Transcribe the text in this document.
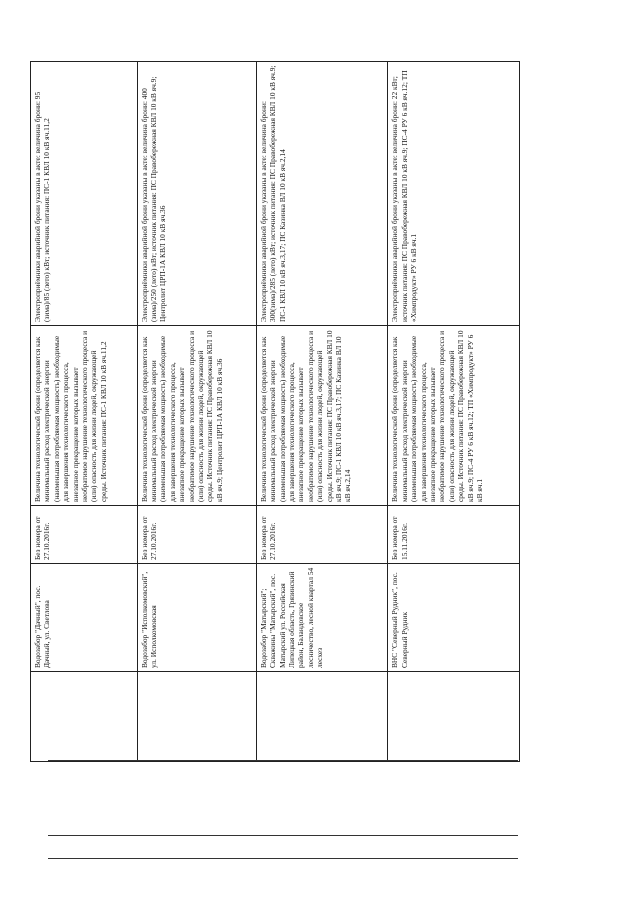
	Водозабор "Дачный", пос. Дачный, ул. Светлова	Без номера от 27.10.2016г.	Величина технологической брони (определяется как минимальный расход электрической энергии (наименьшая потребляемая мощность) необходимые для завершения технологического процесса, внезапное прекращение которых вызывает необратимое нарушение технологического процесса и (или) опасность для жизни людей, окружающей среды. Источник питания: ПС-1 КВЛ 10 кВ яч.11,2	Электроприёмники аварийной брони указаны в акте: величина брони: 95 (зима)/85 (лето) кВт; источник питания: ПС-1 КВЛ 10 кВ яч.11,2
	Водозабор "Исполкомовский", ул. Исполкомовская	Без номера от 27.10.2016г.	Величина технологической брони (определяется как минимальный расход электрической энергии (наименьшая потребляемая мощность) необходимые для завершения технологического процесса, внезапное прекращение которых вызывает необратимое нарушение технологического процесса и (или) опасность для жизни людей, окружающей среды. Источник питания: ПС Правобережная КВЛ 10 кВ яч.9; Центролит ЦРП-1А КВЛ 10 кВ яч.36	Электроприёмники аварийной брони указаны в акте: величина брони: 400 (зима)/250 (лето) кВт; источник питания: ПС Правобережная КВЛ 10 кВ яч.9; Центролит ЦРП-1А КВЛ 10 кВ яч.36
	Водозабор "Матырский"; Скважины "Матырский", пос. Матырский ул. Российская Липецкая область, Грязинский район, Баландовское лесничество, лесной квартал 54 лесхез	Без номера от 27.10.2016г.	Величина технологической брони (определяется как минимальный расход электрической энергии (наименьшая потребляемая мощность) необходимые для завершения технологического процесса, внезапное прекращение которых вызывает необратимое нарушение технологического процесса и (или) опасность для жизни людей, окружающей среды. Источник питания: ПС Правобережная КВЛ 10 кВ яч.9; ПС-1 КВЛ 10 кВ яч.3,17; ПС Казинка ВЛ 10 кВ яч.2,14	Электроприёмники аварийной брони указаны в акте: величина брони: 300(зима)/285 (лето) кВт; источник питания: ПС Правобережная КВЛ 10 кВ яч.9; ПС-1 КВЛ 10 кВ яч.3,17; ПС Казинка ВЛ 10 кВ яч.2,14
	ВНС "Северный Рудник", пос. Северный Рудник	Без номера от 15.11.2016г.	Величина технологической брони (определяется как минимальный расход электрической энергии (наименьшая потребляемая мощность) необходимые для завершения технологического процесса, внезапное прекращение которых вызывает необратимое нарушение технологического процесса и (или) опасность для жизни людей, окружающей среды. Источник питания: ПС Правобережная КВЛ 10 кВ яч.9; ПС-4 РУ 6 кВ яч.12; ТП «Химпродукт» РУ 6 кВ яч.1	Электроприёмники аварийной брони указаны в акте: величина брони: 22 кВт; источник питания: ПС Правобережная КВЛ 10 кВ яч.9; ПС-4 РУ 6 кВ яч.12; ТП «Химпродукт» РУ 6 кВ яч.1
